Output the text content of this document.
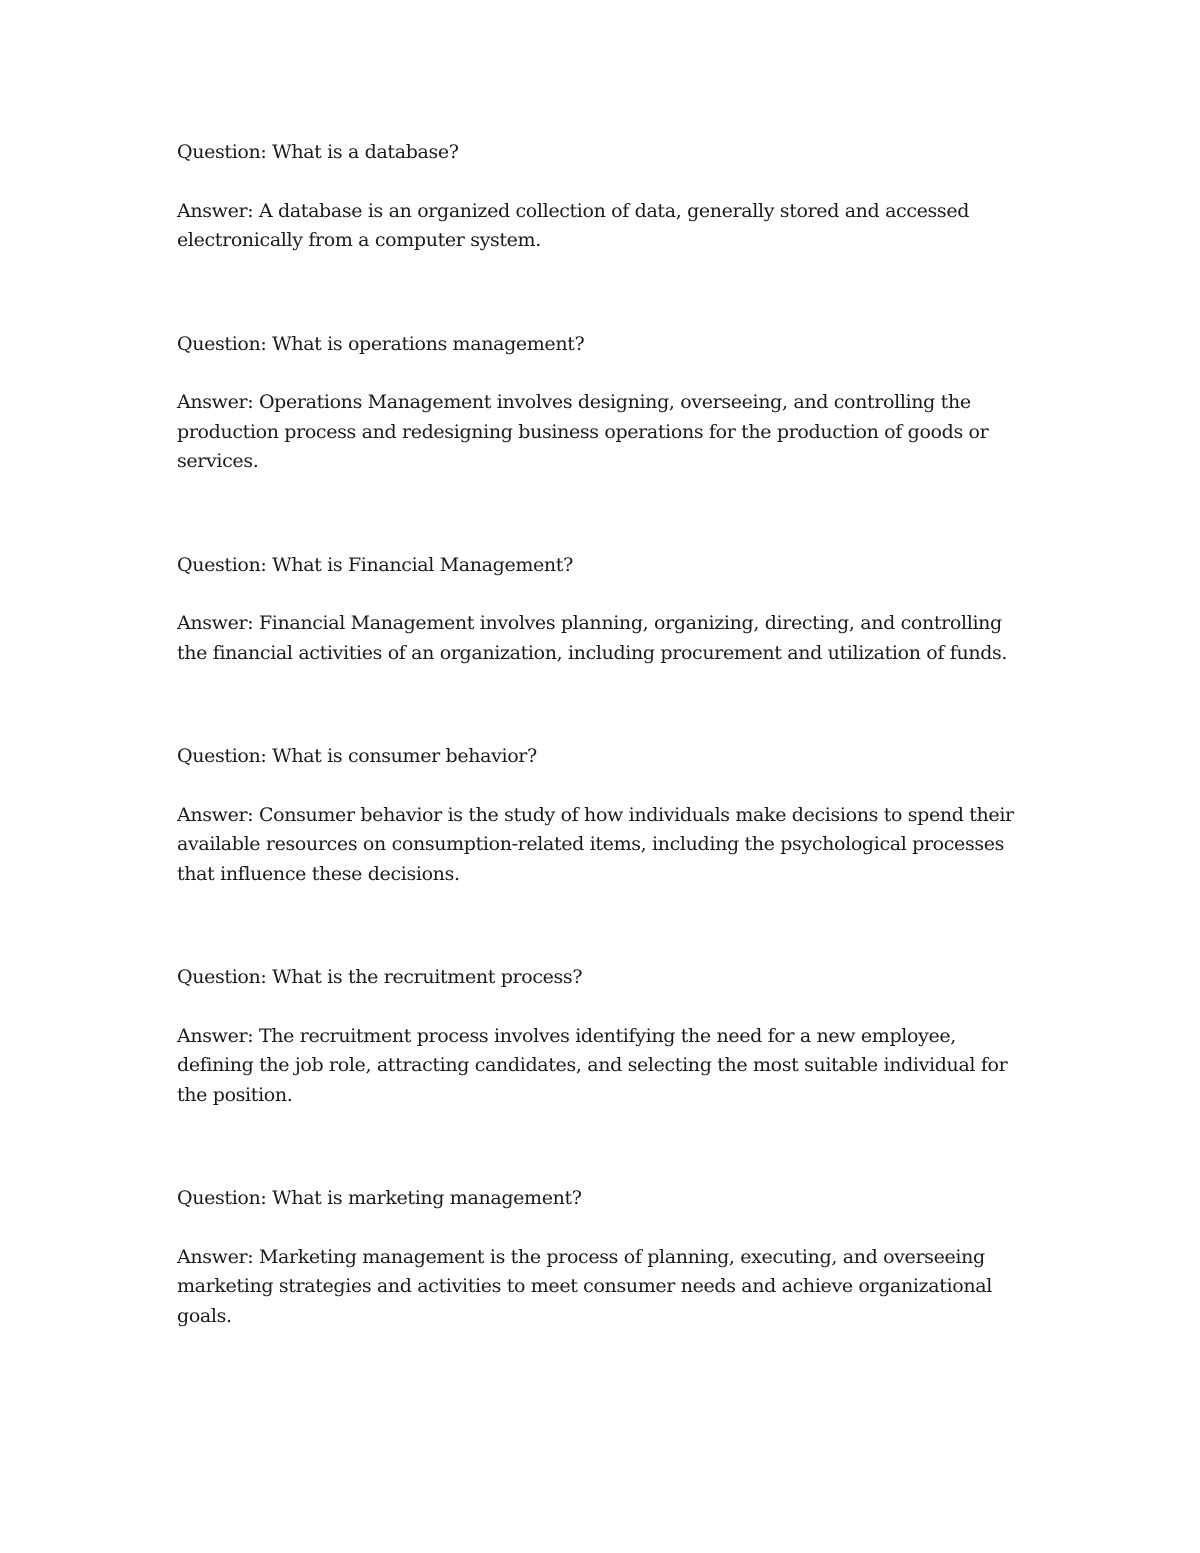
Question: What is a database?

Answer: A database is an organized collection of data, generally stored and accessed electronically from a computer system.

Question: What is operations management?

Answer: Operations Management involves designing, overseeing, and controlling the production process and redesigning business operations for the production of goods or services.

Question: What is Financial Management?

Answer: Financial Management involves planning, organizing, directing, and controlling the financial activities of an organization, including procurement and utilization of funds.

Question: What is consumer behavior?

Answer: Consumer behavior is the study of how individuals make decisions to spend their available resources on consumption-related items, including the psychological processes that influence these decisions.

Question: What is the recruitment process?

Answer: The recruitment process involves identifying the need for a new employee, defining the job role, attracting candidates, and selecting the most suitable individual for the position.

Question: What is marketing management?

Answer: Marketing management is the process of planning, executing, and overseeing marketing strategies and activities to meet consumer needs and achieve organizational goals.
